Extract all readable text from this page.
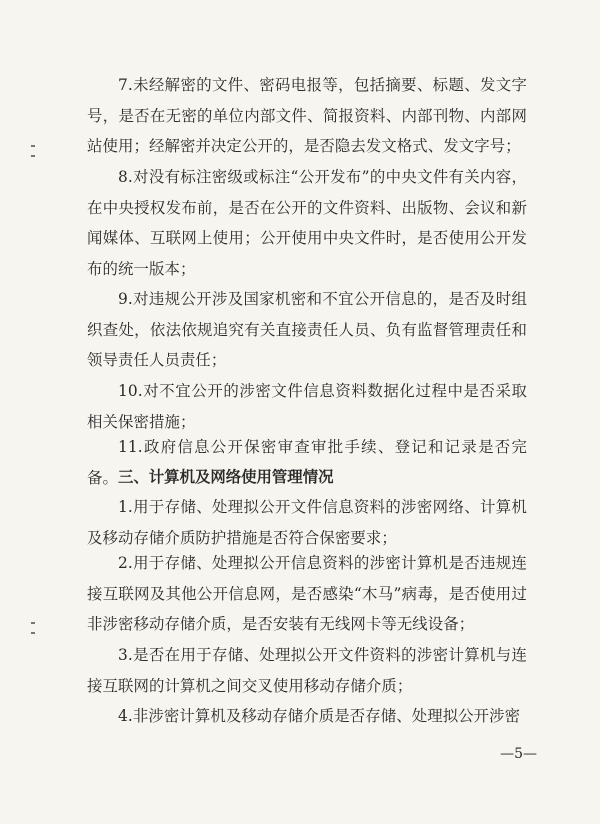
7.未经解密的文件、密码电报等，包括摘要、标题、发文字号，是否在无密的单位内部文件、简报资料、内部刊物、内部网站使用；经解密并决定公开的，是否隐去发文格式、发文字号；

8.对没有标注密级或标注“公开发布”的中央文件有关内容，在中央授权发布前，是否在公开的文件资料、出版物、会议和新闻媒体、互联网上使用；公开使用中央文件时，是否使用公开发布的统一版本；

9.对违规公开涉及国家机密和不宜公开信息的，是否及时组织查处，依法依规追究有关直接责任人员、负有监督管理责任和领导责任人员责任；

10.对不宜公开的涉密文件信息资料数据化过程中是否采取相关保密措施；

11.政府信息公开保密审查审批手续、登记和记录是否完备。 三、计算机及网络使用管理情况

1.用于存储、处理拟公开文件信息资料的涉密网络、计算机及移动存储介质防护措施是否符合保密要求；

2.用于存储、处理拟公开信息资料的涉密计算机是否违规连接互联网及其他公开信息网，是否感染“木马”病毒，是否使用过非涉密移动存储介质，是否安装有无线网卡等无线设备；

3.是否在用于存储、处理拟公开文件资料的涉密计算机与连接互联网的计算机之间交叉使用移动存储介质；

4.非涉密计算机及移动存储介质是否存储、处理拟公开涉密

—5—
